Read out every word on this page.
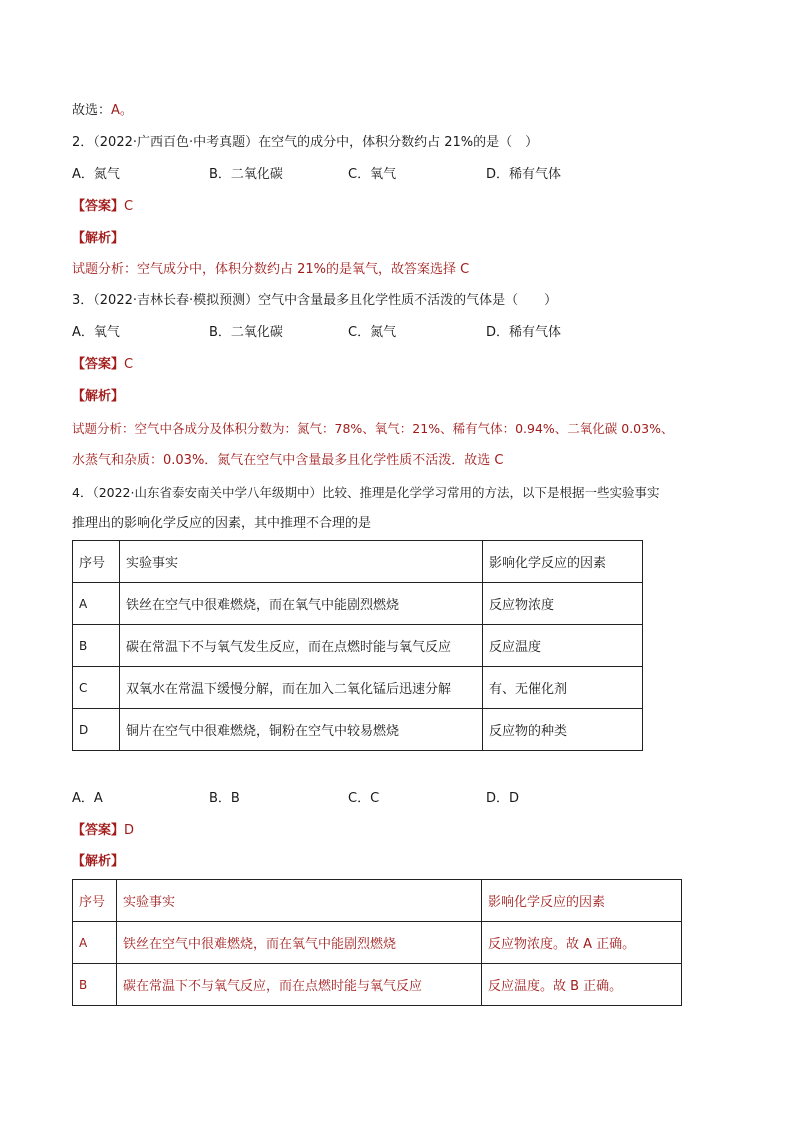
故选：A。
2．（2022·广西百色·中考真题）在空气的成分中，体积分数约占 21%的是（　）
A．氮气	B．二氧化碳	C．氧气	D．稀有气体
【答案】C
【解析】
试题分析：空气成分中，体积分数约占 21%的是氧气，故答案选择 C
3．（2022·吉林长春·模拟预测）空气中含量最多且化学性质不活泼的气体是（　　）
A．氧气	B．二氧化碳	C．氮气	D．稀有气体
【答案】C
【解析】
试题分析：空气中各成分及体积分数为：氮气：78%、氧气：21%、稀有气体：0.94%、二氧化碳 0.03%、
水蒸气和杂质：0.03%．氮气在空气中含量最多且化学性质不活泼．故选 C
4．（2022·山东省泰安南关中学八年级期中）比较、推理是化学学习常用的方法，以下是根据一些实验事实
推理出的影响化学反应的因素，其中推理不合理的是
序号	实验事实	影响化学反应的因素
A	铁丝在空气中很难燃烧，而在氧气中能剧烈燃烧	反应物浓度
B	碳在常温下不与氧气发生反应，而在点燃时能与氧气反应	反应温度
C	双氧水在常温下缓慢分解，而在加入二氧化锰后迅速分解	有、无催化剂
D	铜片在空气中很难燃烧，铜粉在空气中较易燃烧	反应物的种类
A．A	B．B	C．C	D．D
【答案】D
【解析】
序号	实验事实	影响化学反应的因素
A	铁丝在空气中很难燃烧，而在氧气中能剧烈燃烧	反应物浓度。故 A 正确。
B	碳在常温下不与氧气反应，而在点燃时能与氧气反应	反应温度。故 B 正确。
